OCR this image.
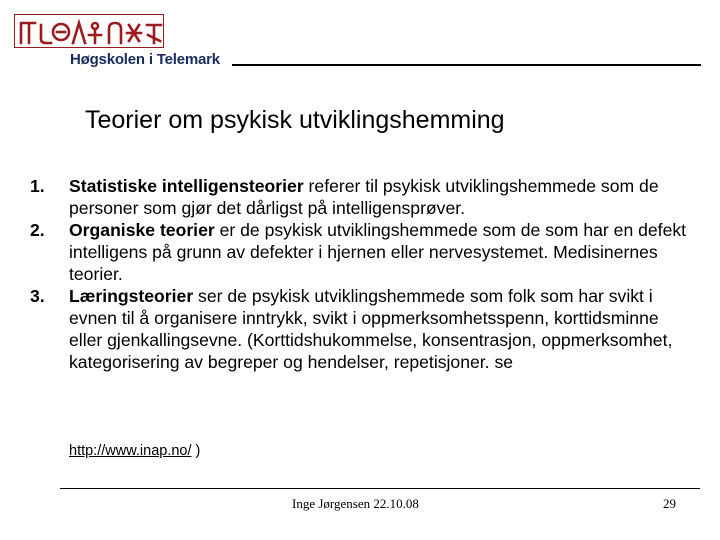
Høgskolen i Telemark
Teorier om psykisk utviklingshemming
1. Statistiske intelligensteorier referer til psykisk utviklingshemmede som de personer som gjør det dårligst på intelligensprøver.
2. Organiske teorier er de psykisk utviklingshemmede som de som har en defekt intelligens på grunn av defekter i hjernen eller nervesystemet. Medisinernes teorier.
3. Læringsteorier ser de psykisk utviklingshemmede som folk som har svikt i evnen til å organisere inntrykk, svikt i oppmerksomhetsspenn, korttidsminne eller gjenkallingsevne. (Korttidshukommelse, konsentrasjon, oppmerksomhet, kategorisering av begreper og hendelser, repetisjoner. se
http://www.inap.no/ )
Inge Jørgensen 22.10.08	29
